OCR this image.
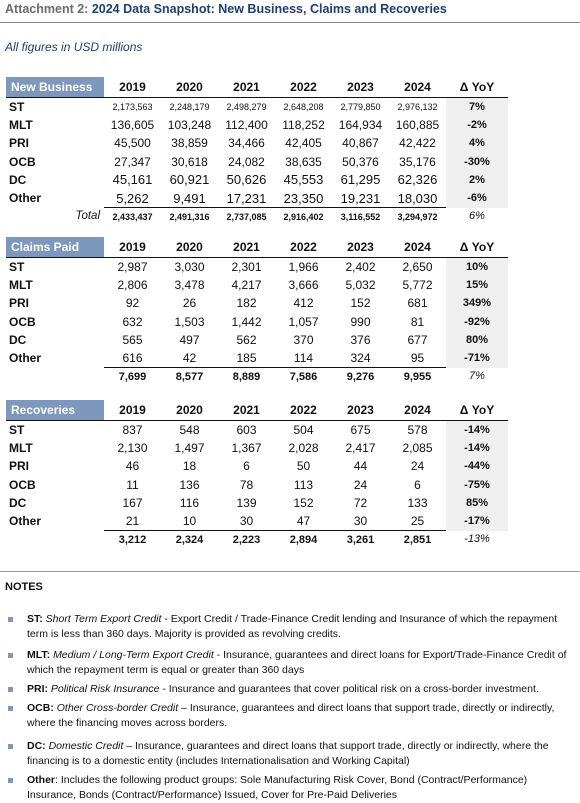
Attachment 2: 2024 Data Snapshot: New Business, Claims and Recoveries
All figures in USD millions
New Business	2019	2020	2021	2022	2023	2024	Δ YoY

ST	2,173,563	2,248,179	2,498,279	2,648,208	2,779,850	2,976,132	7%
MLT	136,605	103,248	112,400	118,252	164,934	160,885	-2%
PRI	45,500	38,859	34,466	42,405	40,867	42,422	4%
OCB	27,347	30,618	24,082	38,635	50,376	35,176	-30%
DC	45,161	60,921	50,626	45,553	61,295	62,326	2%
Other	5,262	9,491	17,231	23,350	19,231	18,030	-6%
Total	2,433,437	2,491,316	2,737,085	2,916,402	3,116,552	3,294,972	6%
Claims Paid	2019	2020	2021	2022	2023	2024	Δ YoY

ST	2,987	3,030	2,301	1,966	2,402	2,650	10%
MLT	2,806	3,478	4,217	3,666	5,032	5,772	15%
PRI	92	26	182	412	152	681	349%
OCB	632	1,503	1,442	1,057	990	81	-92%
DC	565	497	562	370	376	677	80%
Other	616	42	185	114	324	95	-71%
	7,699	8,577	8,889	7,586	9,276	9,955	7%
Recoveries	2019	2020	2021	2022	2023	2024	Δ YoY

ST	837	548	603	504	675	578	-14%
MLT	2,130	1,497	1,367	2,028	2,417	2,085	-14%
PRI	46	18	6	50	44	24	-44%
OCB	11	136	78	113	24	6	-75%
DC	167	116	139	152	72	133	85%
Other	21	10	30	47	30	25	-17%
	3,212	2,324	2,223	2,894	3,261	2,851	-13%
NOTES
ST: Short Term Export Credit - Export Credit / Trade-Finance Credit lending and Insurance of which the repayment term is less than 360 days. Majority is provided as revolving credits.
MLT: Medium / Long-Term Export Credit - Insurance, guarantees and direct loans for Export/Trade-Finance Credit of which the repayment term is equal or greater than 360 days
PRI: Political Risk Insurance - Insurance and guarantees that cover political risk on a cross-border investment.
OCB: Other Cross-border Credit – Insurance, guarantees and direct loans that support trade, directly or indirectly, where the financing moves across borders.
DC: Domestic Credit – Insurance, guarantees and direct loans that support trade, directly or indirectly, where the financing is to a domestic entity (includes Internationalisation and Working Capital)
Other: Includes the following product groups: Sole Manufacturing Risk Cover, Bond (Contract/Performance) Insurance, Bonds (Contract/Performance) Issued, Cover for Pre-Paid Deliveries
